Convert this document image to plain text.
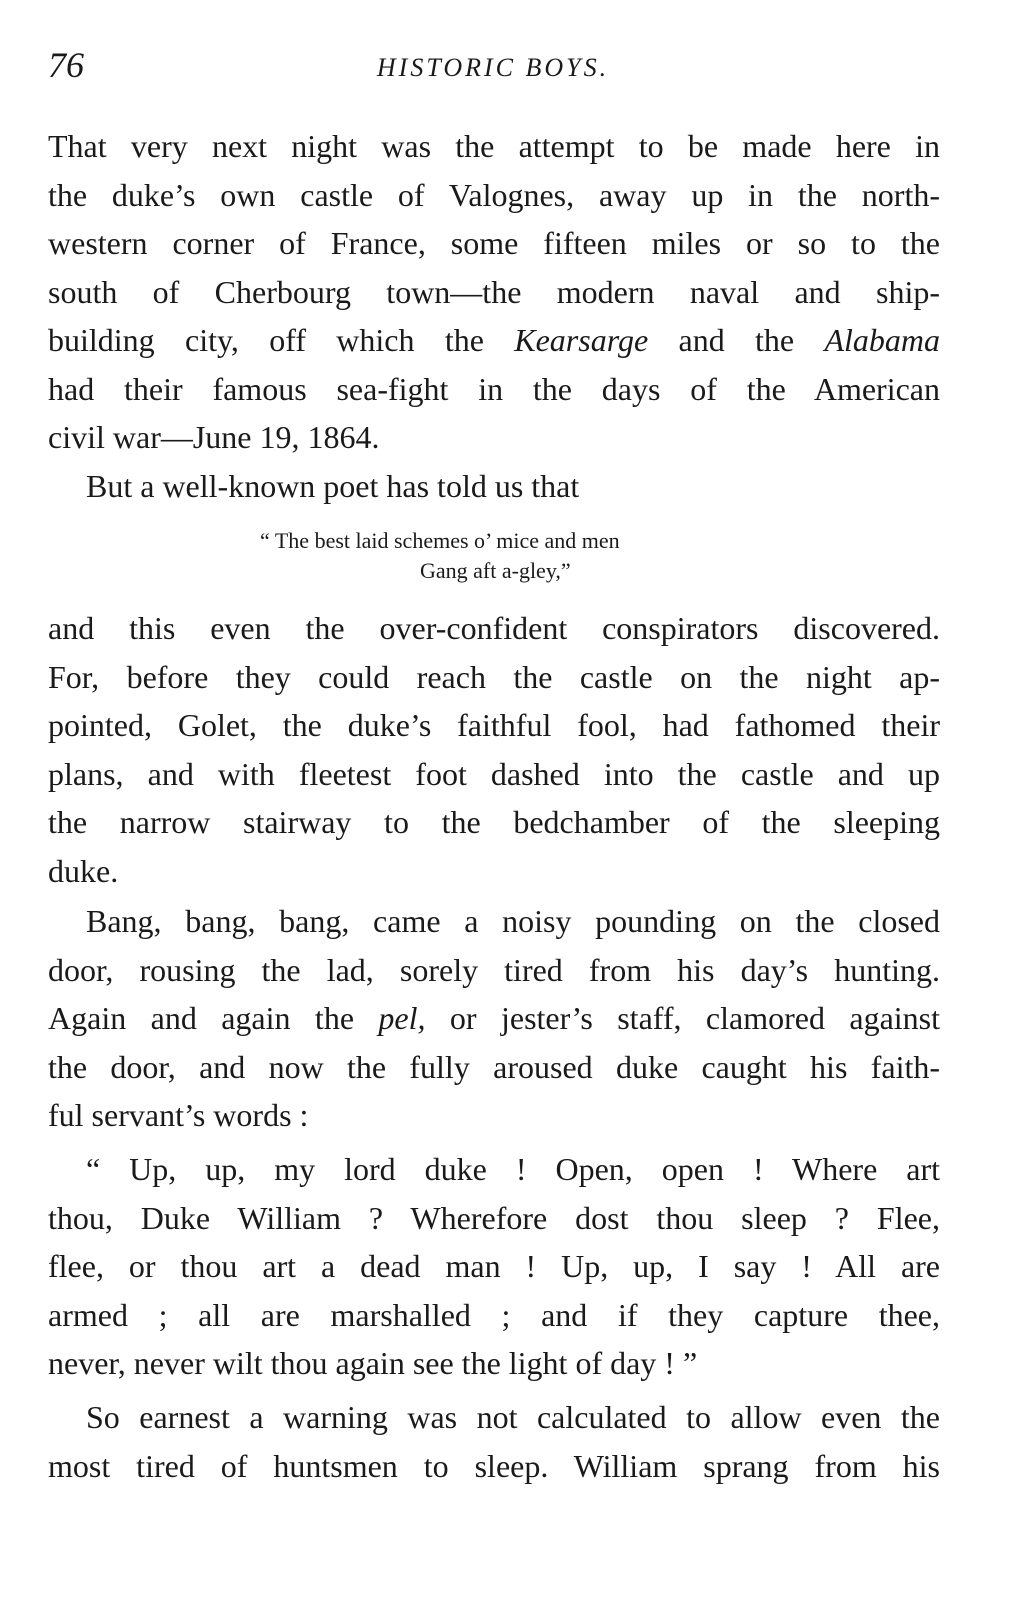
76	HISTORIC BOYS.
That very next night was the attempt to be made here in
the duke’s own castle of Valognes, away up in the north-
western corner of France, some fifteen miles or so to the
south of Cherbourg town—the modern naval and ship-
building city, off which the Kearsarge and the Alabama
had their famous sea-fight in the days of the American
civil war—June 19, 1864.
But a well-known poet has told us that
“ The best laid schemes o’ mice and men
Gang aft a-gley,”
and this even the over-confident conspirators discovered.
For, before they could reach the castle on the night ap-
pointed, Golet, the duke’s faithful fool, had fathomed their
plans, and with fleetest foot dashed into the castle and up
the narrow stairway to the bedchamber of the sleeping
duke.
Bang, bang, bang, came a noisy pounding on the closed
door, rousing the lad, sorely tired from his day’s hunting.
Again and again the pel, or jester’s staff, clamored against
the door, and now the fully aroused duke caught his faith-
ful servant’s words :
“ Up, up, my lord duke ! Open, open ! Where art
thou, Duke William ? Wherefore dost thou sleep ? Flee,
flee, or thou art a dead man ! Up, up, I say ! All are
armed ; all are marshalled ; and if they capture thee,
never, never wilt thou again see the light of day ! ”
So earnest a warning was not calculated to allow even the
most tired of huntsmen to sleep. William sprang from his
